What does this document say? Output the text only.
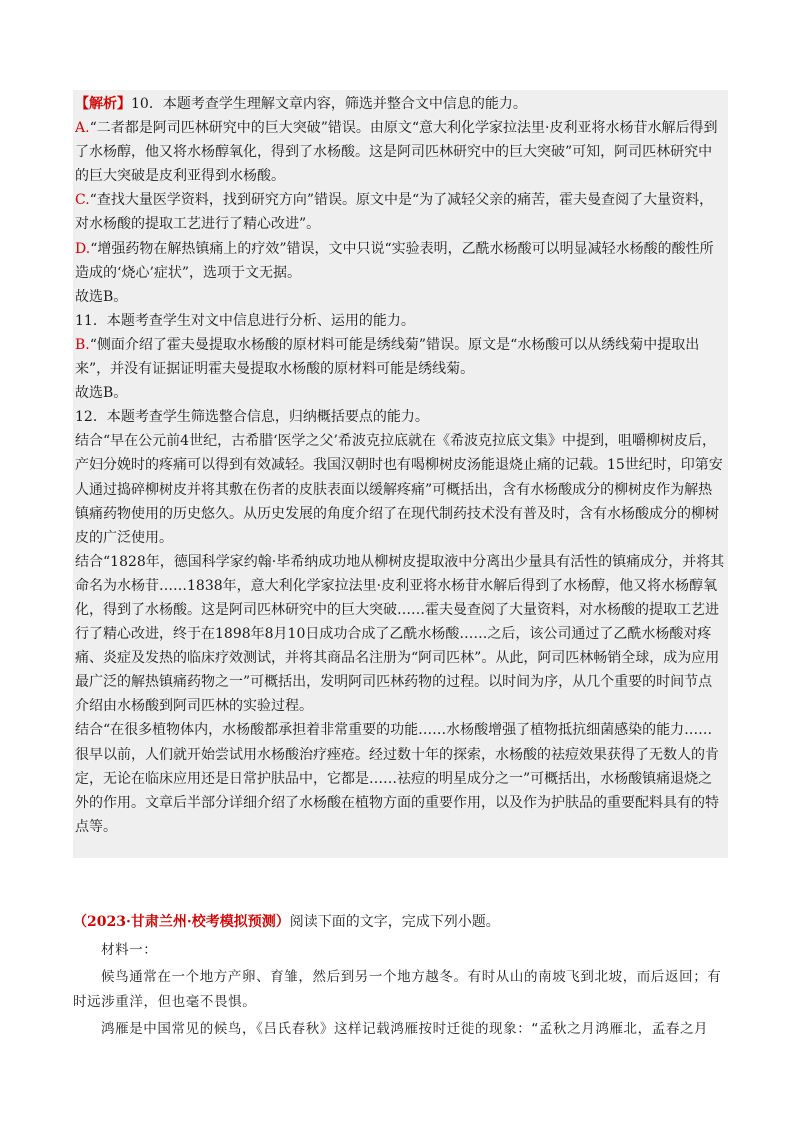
【解析】10．本题考查学生理解文章内容，筛选并整合文中信息的能力。

A.“二者都是阿司匹林研究中的巨大突破”错误。由原文“意大利化学家拉法里·皮利亚将水杨苷水解后得到了水杨醇，他又将水杨醇氧化，得到了水杨酸。这是阿司匹林研究中的巨大突破”可知，阿司匹林研究中的巨大突破是皮利亚得到水杨酸。

C.“查找大量医学资料，找到研究方向”错误。原文中是“为了减轻父亲的痛苦，霍夫曼查阅了大量资料，对水杨酸的提取工艺进行了精心改进”。

D.“增强药物在解热镇痛上的疗效”错误，文中只说“实验表明，乙酰水杨酸可以明显减轻水杨酸的酸性所造成的‘烧心’症状”，选项于文无据。

故选B。

11．本题考查学生对文中信息进行分析、运用的能力。

B.“侧面介绍了霍夫曼提取水杨酸的原材料可能是绣线菊”错误。原文是“水杨酸可以从绣线菊中提取出来”，并没有证据证明霍夫曼提取水杨酸的原材料可能是绣线菊。

故选B。

12．本题考查学生筛选整合信息，归纳概括要点的能力。

结合“早在公元前4世纪，古希腊‘医学之父’希波克拉底就在《希波克拉底文集》中提到，咀嚼柳树皮后，产妇分娩时的疼痛可以得到有效减轻。我国汉朝时也有喝柳树皮汤能退烧止痛的记载。15世纪时，印第安人通过捣碎柳树皮并将其敷在伤者的皮肤表面以缓解疼痛”可概括出，含有水杨酸成分的柳树皮作为解热镇痛药物使用的历史悠久。从历史发展的角度介绍了在现代制药技术没有普及时，含有水杨酸成分的柳树皮的广泛使用。

结合“1828年，德国科学家约翰·毕希纳成功地从柳树皮提取液中分离出少量具有活性的镇痛成分，并将其命名为水杨苷……1838年，意大利化学家拉法里·皮利亚将水杨苷水解后得到了水杨醇，他又将水杨醇氧化，得到了水杨酸。这是阿司匹林研究中的巨大突破……霍夫曼查阅了大量资料，对水杨酸的提取工艺进行了精心改进，终于在1898年8月10日成功合成了乙酰水杨酸……之后，该公司通过了乙酰水杨酸对疼痛、炎症及发热的临床疗效测试，并将其商品名注册为“阿司匹林”。从此，阿司匹林畅销全球，成为应用最广泛的解热镇痛药物之一”可概括出，发明阿司匹林药物的过程。以时间为序，从几个重要的时间节点介绍由水杨酸到阿司匹林的实验过程。

结合“在很多植物体内，水杨酸都承担着非常重要的功能……水杨酸增强了植物抵抗细菌感染的能力……很早以前，人们就开始尝试用水杨酸治疗痤疮。经过数十年的探索，水杨酸的祛痘效果获得了无数人的肯定，无论在临床应用还是日常护肤品中，它都是……祛痘的明星成分之一”可概括出，水杨酸镇痛退烧之外的作用。文章后半部分详细介绍了水杨酸在植物方面的重要作用，以及作为护肤品的重要配料具有的特点等。

（2023·甘肃兰州·校考模拟预测）阅读下面的文字，完成下列小题。

材料一：

候鸟通常在一个地方产卵、育雏，然后到另一个地方越冬。有时从山的南坡飞到北坡，而后返回；有时远涉重洋，但也毫不畏惧。

鸿雁是中国常见的候鸟，《吕氏春秋》这样记载鸿雁按时迁徙的现象：“孟秋之月鸿雁北，孟春之月
